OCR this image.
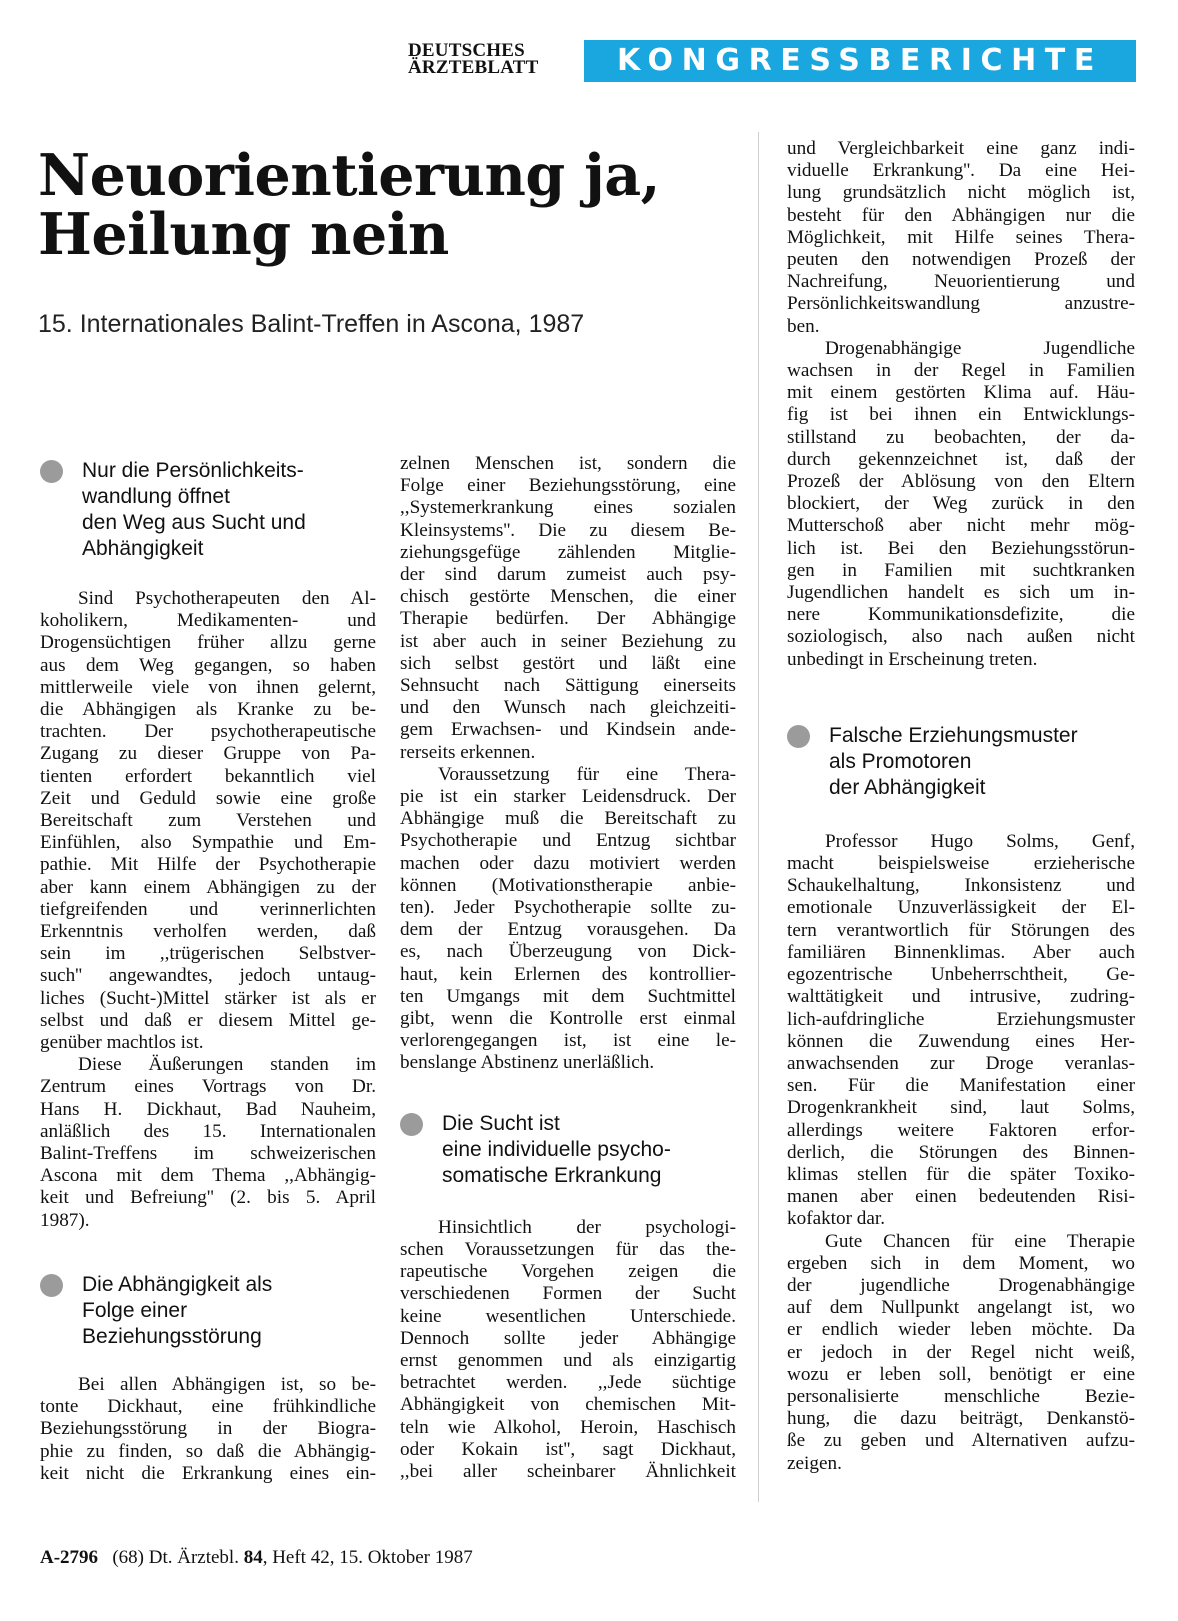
DEUTSCHES
ÄRZTEBLATT	KONGRESSBERICHTE
Neuorientierung ja,
Heilung nein
15. Internationales Balint-Treffen in Ascona, 1987
Nur die Persönlichkeits-
wandlung öffnet
den Weg aus Sucht und
Abhängigkeit

Sind Psychotherapeuten den Al-
koholikern, Medikamenten- und
Drogensüchtigen früher allzu gerne
aus dem Weg gegangen, so haben
mittlerweile viele von ihnen gelernt,
die Abhängigen als Kranke zu be-
trachten. Der psychotherapeutische
Zugang zu dieser Gruppe von Pa-
tienten erfordert bekanntlich viel
Zeit und Geduld sowie eine große
Bereitschaft zum Verstehen und
Einfühlen, also Sympathie und Em-
pathie. Mit Hilfe der Psychotherapie
aber kann einem Abhängigen zu der
tiefgreifenden und verinnerlichten
Erkenntnis verholfen werden, daß
sein im ,,trügerischen Selbstver-
such'' angewandtes, jedoch untaug-
liches (Sucht-)Mittel stärker ist als er
selbst und daß er diesem Mittel ge-
genüber machtlos ist.
Diese Äußerungen standen im
Zentrum eines Vortrags von Dr.
Hans H. Dickhaut, Bad Nauheim,
anläßlich des 15. Internationalen
Balint-Treffens im schweizerischen
Ascona mit dem Thema ,,Abhängig-
keit und Befreiung'' (2. bis 5. April
1987).

Die Abhängigkeit als
Folge einer
Beziehungsstörung

Bei allen Abhängigen ist, so be-
tonte Dickhaut, eine frühkindliche
Beziehungsstörung in der Biogra-
phie zu finden, so daß die Abhängig-
keit nicht die Erkrankung eines ein-

zelnen Menschen ist, sondern die
Folge einer Beziehungsstörung, eine
,,Systemerkrankung eines sozialen
Kleinsystems''. Die zu diesem Be-
ziehungsgefüge zählenden Mitglie-
der sind darum zumeist auch psy-
chisch gestörte Menschen, die einer
Therapie bedürfen. Der Abhängige
ist aber auch in seiner Beziehung zu
sich selbst gestört und läßt eine
Sehnsucht nach Sättigung einerseits
und den Wunsch nach gleichzeiti-
gem Erwachsen- und Kindsein ande-
rerseits erkennen.
Voraussetzung für eine Thera-
pie ist ein starker Leidensdruck. Der
Abhängige muß die Bereitschaft zu
Psychotherapie und Entzug sichtbar
machen oder dazu motiviert werden
können (Motivationstherapie anbie-
ten). Jeder Psychotherapie sollte zu-
dem der Entzug vorausgehen. Da
es, nach Überzeugung von Dick-
haut, kein Erlernen des kontrollier-
ten Umgangs mit dem Suchtmittel
gibt, wenn die Kontrolle erst einmal
verlorengegangen ist, ist eine le-
benslange Abstinenz unerläßlich.

Die Sucht ist
eine individuelle psycho-
somatische Erkrankung

Hinsichtlich der psychologi-
schen Voraussetzungen für das the-
rapeutische Vorgehen zeigen die
verschiedenen Formen der Sucht
keine wesentlichen Unterschiede.
Dennoch sollte jeder Abhängige
ernst genommen und als einzigartig
betrachtet werden. ,,Jede süchtige
Abhängigkeit von chemischen Mit-
teln wie Alkohol, Heroin, Haschisch
oder Kokain ist'', sagt Dickhaut,
,,bei aller scheinbarer Ähnlichkeit

und Vergleichbarkeit eine ganz indi-
viduelle Erkrankung''. Da eine Hei-
lung grundsätzlich nicht möglich ist,
besteht für den Abhängigen nur die
Möglichkeit, mit Hilfe seines Thera-
peuten den notwendigen Prozeß der
Nachreifung, Neuorientierung und
Persönlichkeitswandlung anzustre-
ben.
Drogenabhängige Jugendliche
wachsen in der Regel in Familien
mit einem gestörten Klima auf. Häu-
fig ist bei ihnen ein Entwicklungs-
stillstand zu beobachten, der da-
durch gekennzeichnet ist, daß der
Prozeß der Ablösung von den Eltern
blockiert, der Weg zurück in den
Mutterschoß aber nicht mehr mög-
lich ist. Bei den Beziehungsstörun-
gen in Familien mit suchtkranken
Jugendlichen handelt es sich um in-
nere Kommunikationsdefizite, die
soziologisch, also nach außen nicht
unbedingt in Erscheinung treten.

Falsche Erziehungsmuster
als Promotoren
der Abhängigkeit

Professor Hugo Solms, Genf,
macht beispielsweise erzieherische
Schaukelhaltung, Inkonsistenz und
emotionale Unzuverlässigkeit der El-
tern verantwortlich für Störungen des
familiären Binnenklimas. Aber auch
egozentrische Unbeherrschtheit, Ge-
walttätigkeit und intrusive, zudring-
lich-aufdringliche Erziehungsmuster
können die Zuwendung eines Her-
anwachsenden zur Droge veranlas-
sen. Für die Manifestation einer
Drogenkrankheit sind, laut Solms,
allerdings weitere Faktoren erfor-
derlich, die Störungen des Binnen-
klimas stellen für die später Toxiko-
manen aber einen bedeutenden Risi-
kofaktor dar.
Gute Chancen für eine Therapie
ergeben sich in dem Moment, wo
der jugendliche Drogenabhängige
auf dem Nullpunkt angelangt ist, wo
er endlich wieder leben möchte. Da
er jedoch in der Regel nicht weiß,
wozu er leben soll, benötigt er eine
personalisierte menschliche Bezie-
hung, die dazu beiträgt, Denkanstö-
ße zu geben und Alternativen aufzu-
zeigen.

A-2796 (68) Dt. Ärztebl. 84, Heft 42, 15. Oktober 1987
